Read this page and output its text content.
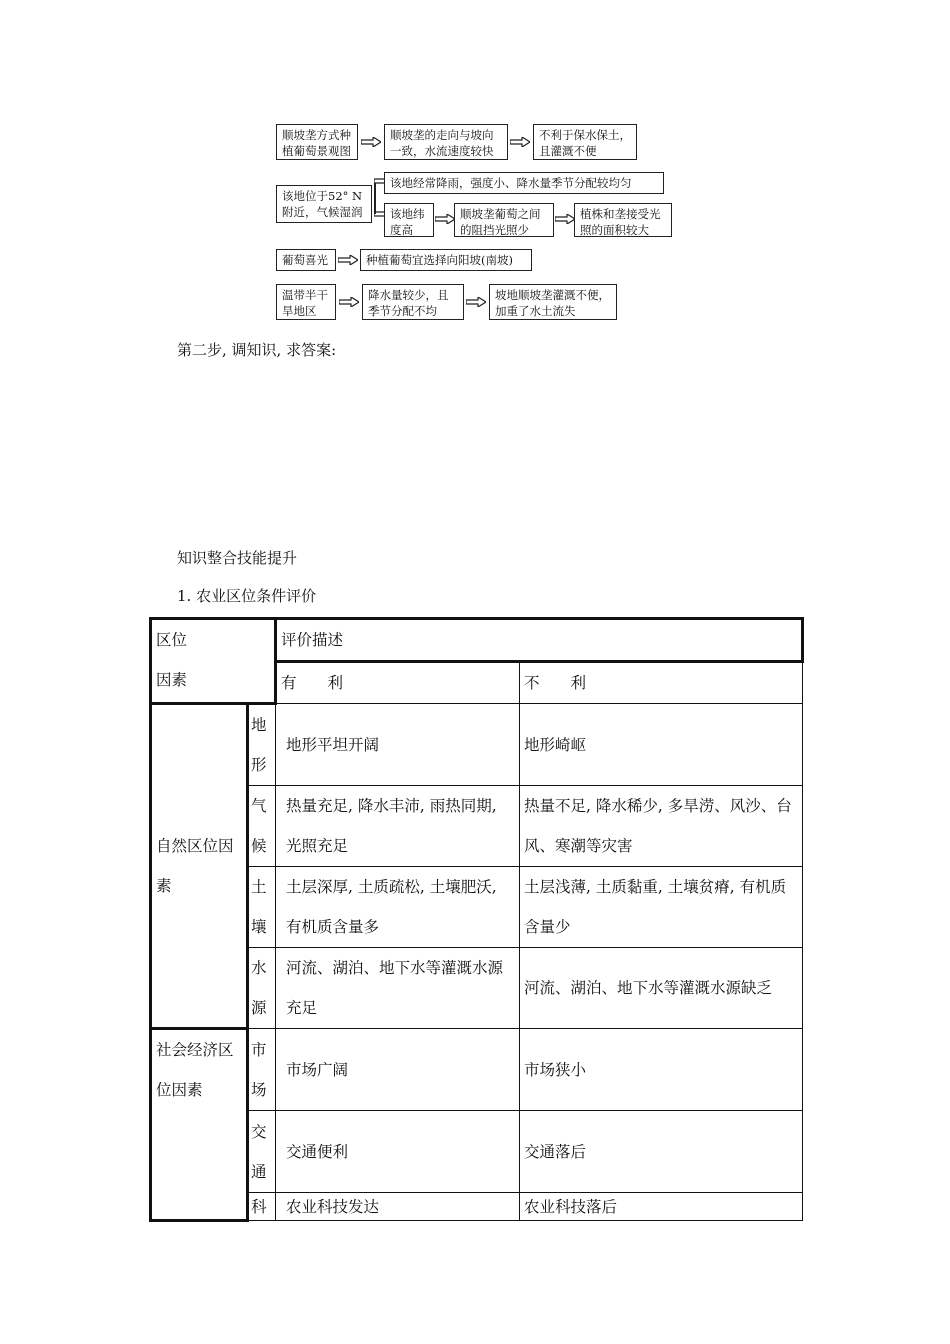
顺坡垄方式种
植葡萄景观图
顺坡垄的走向与坡向
一致，水流速度较快
不利于保水保土，
且灌溉不便
该地位于52° N
附近，气候湿润
该地经常降雨，强度小、降水量季节分配较均匀
该地纬
度高
顺坡垄葡萄之间
的阻挡光照少
植株和垄接受光
照的面积较大
葡萄喜光	种植葡萄宜选择向阳坡(南坡)
温带半干
旱地区
降水量较少，且
季节分配不均
坡地顺坡垄灌溉不便，
加重了水土流失
第二步, 调知识, 求答案:
知识整合技能提升
1. 农业区位条件评价
区位
因素		评价描述	
		有　　利	不　　利
自然区位因素	地形	地形平坦开阔	地形崎岖
	气候	热量充足, 降水丰沛, 雨热同期, 光照充足	热量不足, 降水稀少, 多旱涝、风沙、台风、寒潮等灾害
	土壤	土层深厚, 土质疏松, 土壤肥沃, 有机质含量多	土层浅薄, 土质黏重, 土壤贫瘠, 有机质含量少
	水源	河流、湖泊、地下水等灌溉水源充足	河流、湖泊、地下水等灌溉水源缺乏
社会经济区位因素	市场	市场广阔	市场狭小
	交通	交通便利	交通落后
	科	农业科技发达	农业科技落后
